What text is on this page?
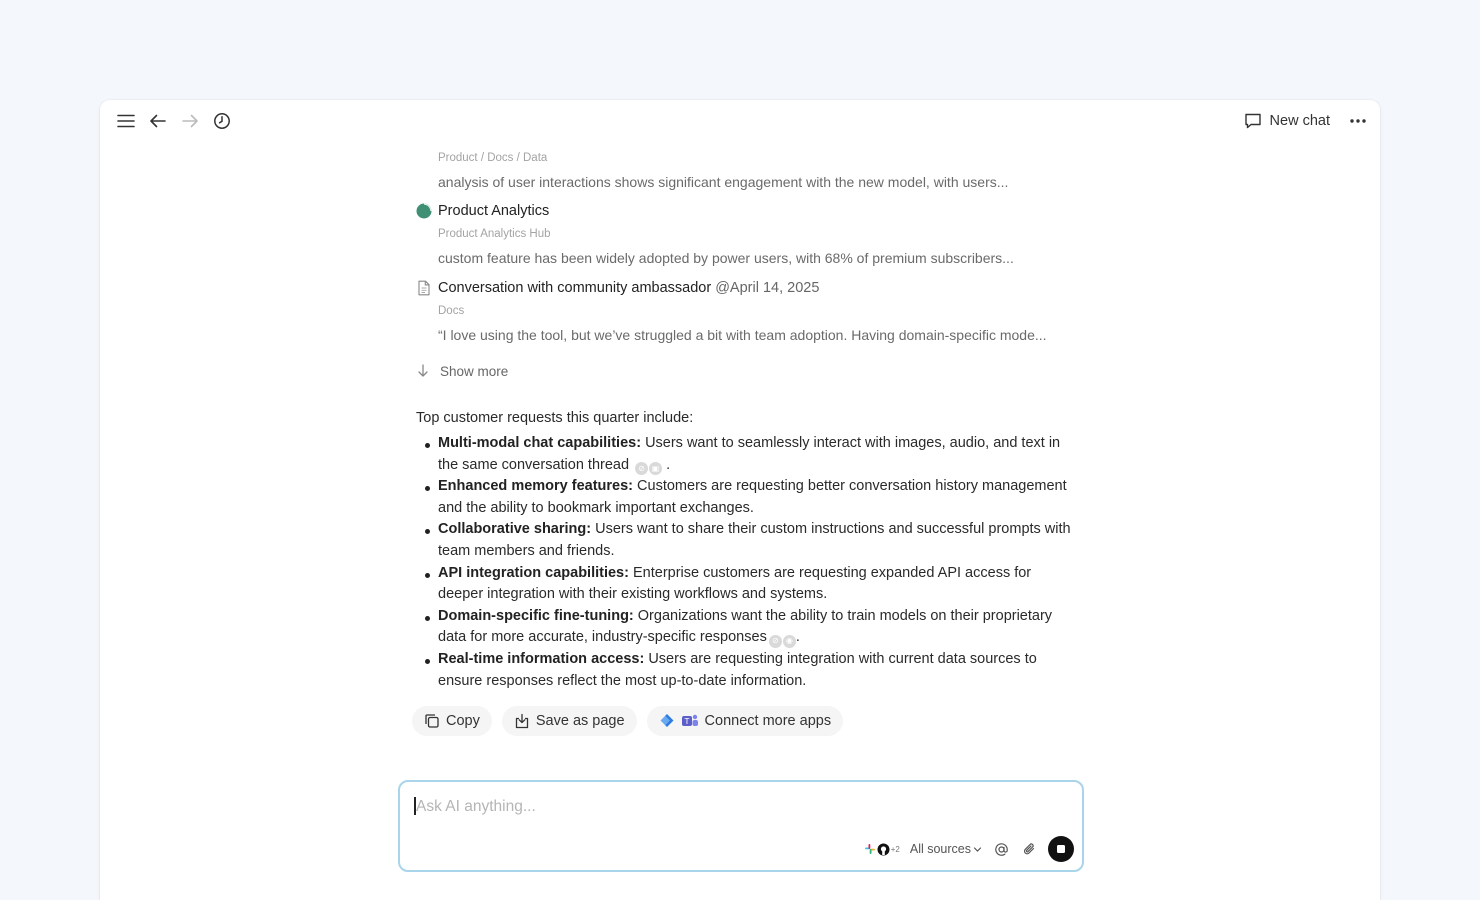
New chat
Product / Docs / Data
analysis of user interactions shows significant engagement with the new model, with users...
Product Analytics
Product Analytics Hub
custom feature has been widely adopted by power users, with 68% of premium subscribers...
Conversation with community ambassador @April 14, 2025
Docs
“I love using the tool, but we’ve struggled a bit with team adoption. Having domain-specific mode...
Show more
Top customer requests this quarter include:
Multi-modal chat capabilities: Users want to seamlessly interact with images, audio, and text in the same conversation thread	⊘ ▣ .
Enhanced memory features: Customers are requesting better conversation history management and the ability to bookmark important exchanges.
Collaborative sharing: Users want to share their custom instructions and successful prompts with team members and friends.
API integration capabilities: Enterprise customers are requesting expanded API access for deeper integration with their existing workflows and systems.
Domain-specific fine-tuning: Organizations want the ability to train models on their proprietary data for more accurate, industry-specific responses ⊘ ◉ .
Real-time information access: Users are requesting integration with current data sources to ensure responses reflect the most up-to-date information.
Copy	Save as page	T Connect more apps
Ask AI anything...
+2 All sources
